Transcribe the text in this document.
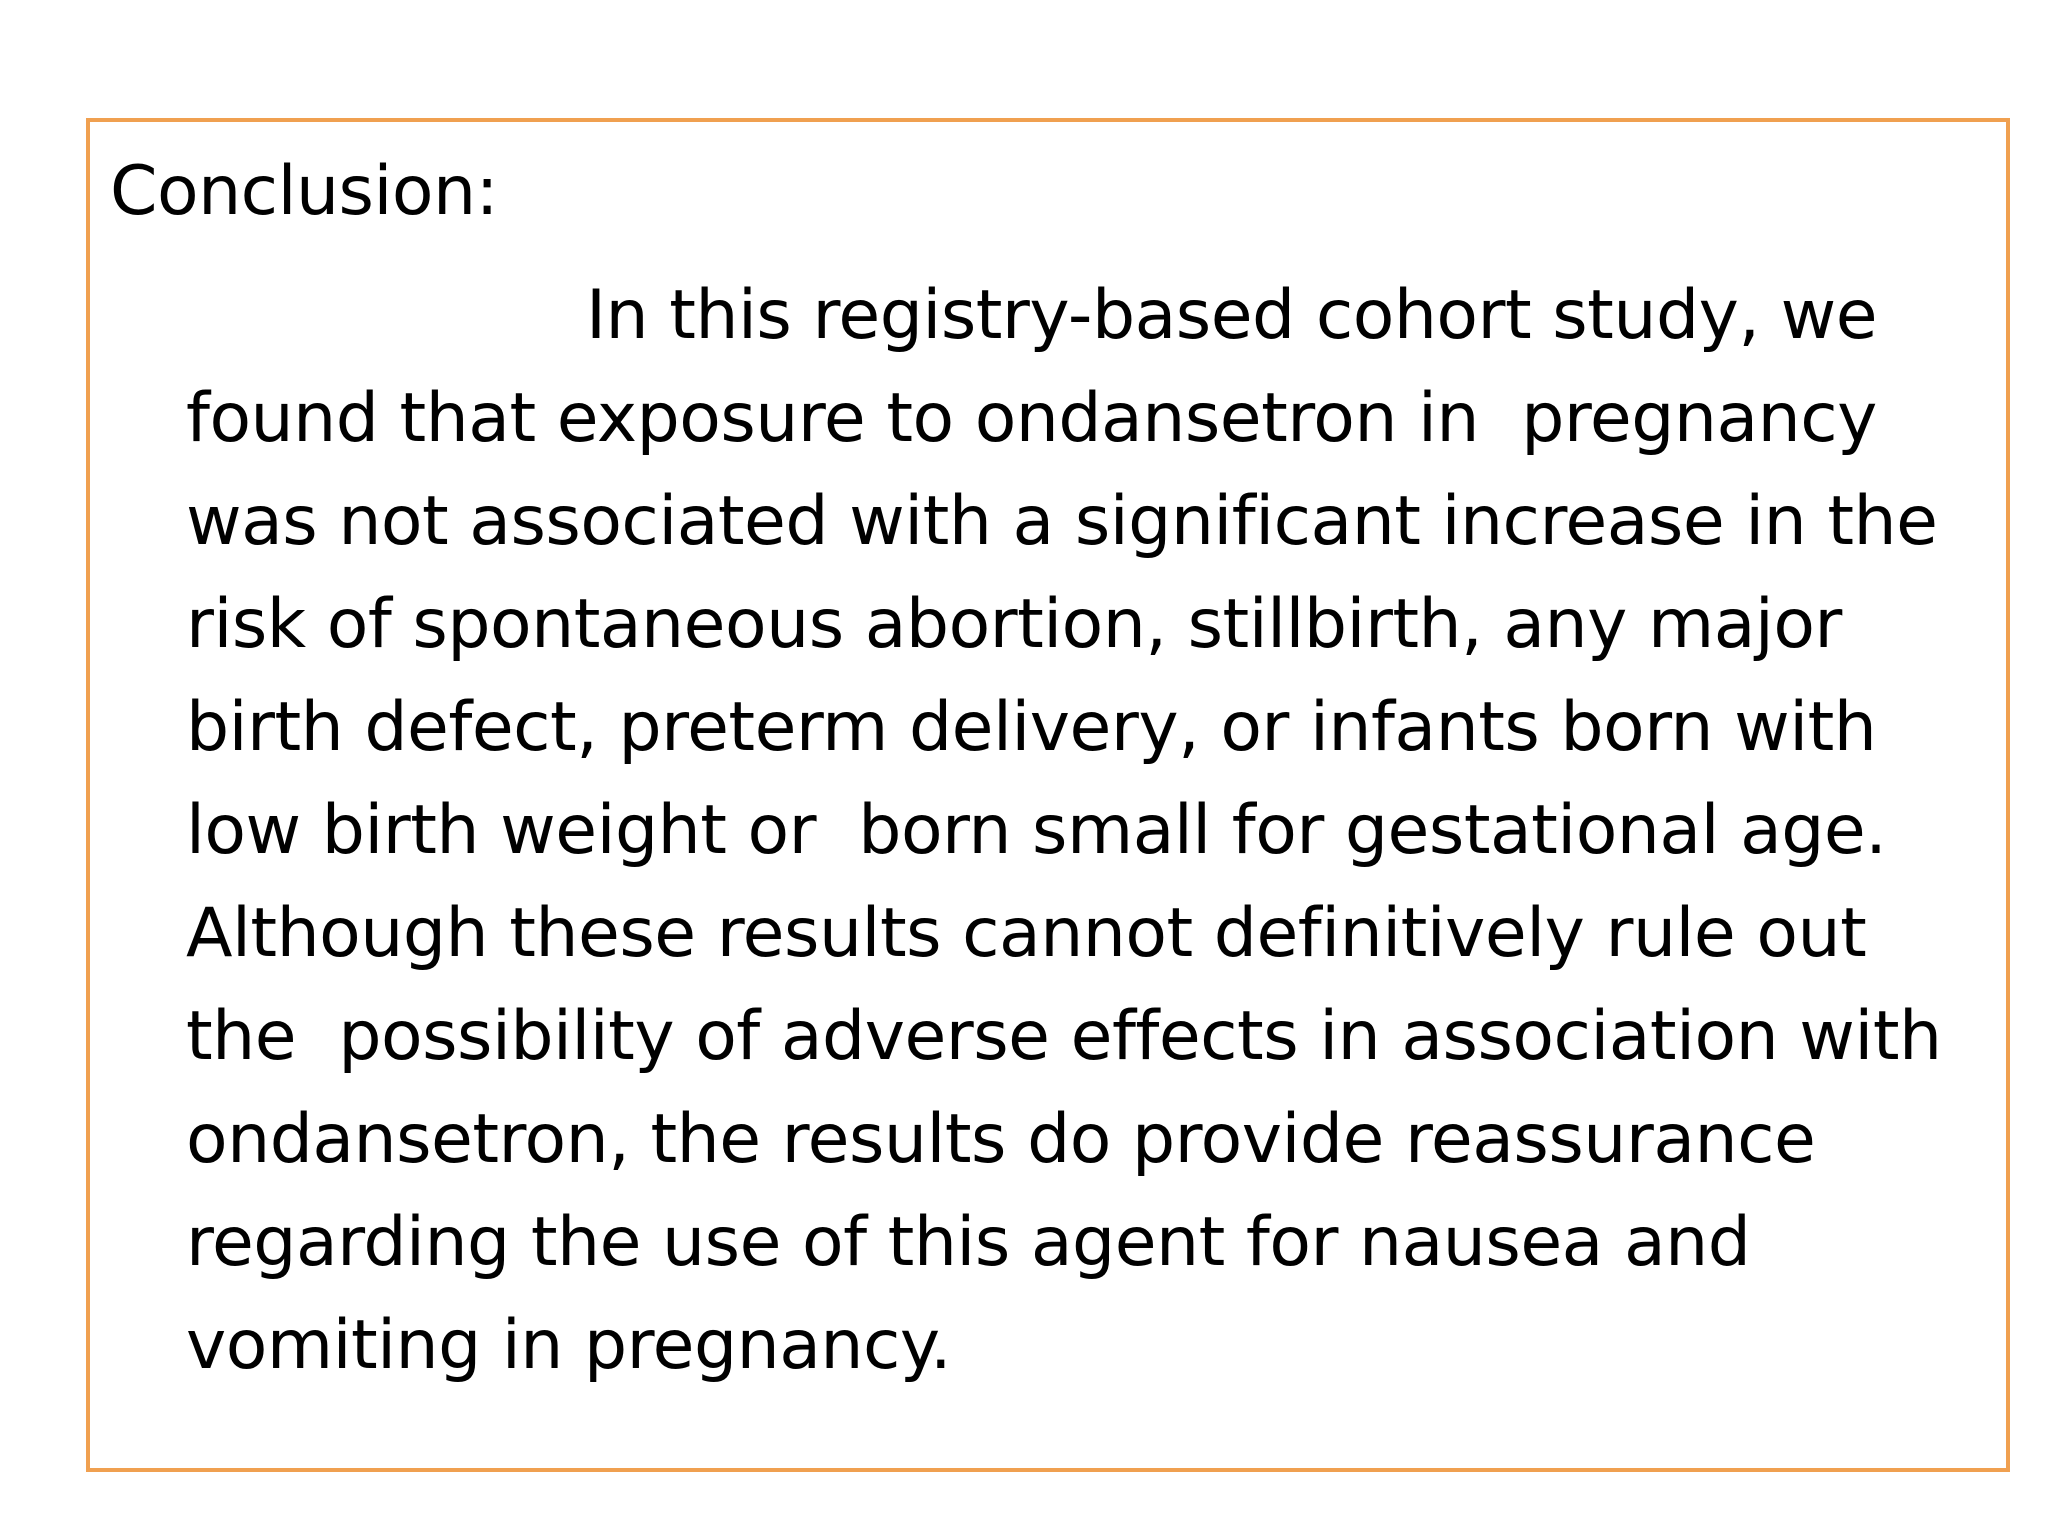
Conclusion:

In this registry-based cohort study, we
found that exposure to ondansetron in  pregnancy
was not associated with a significant increase in the
risk of spontaneous abortion, stillbirth, any major
birth defect, preterm delivery, or infants born with
low birth weight or  born small for gestational age.
Although these results cannot definitively rule out
the  possibility of adverse effects in association with
ondansetron, the results do provide reassurance
regarding the use of this agent for nausea and
vomiting in pregnancy.
